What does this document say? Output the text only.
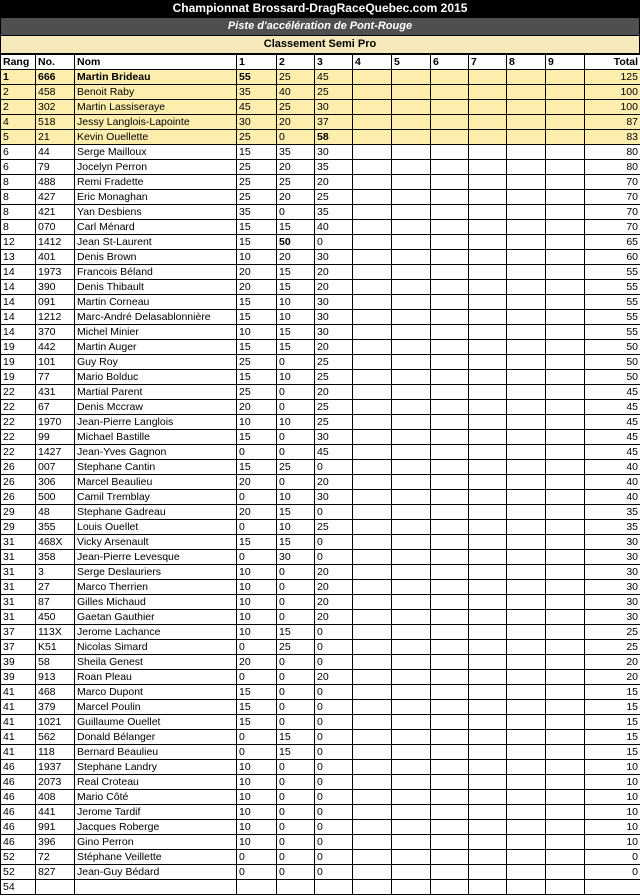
Championnat Brossard-DragRaceQuebec.com 2015
Piste d'accélération de Pont-Rouge
Classement Semi Pro
Rang	No.	Nom	1	2	3	4	5	6	7	8	9	Total
1	666	Martin Brideau	55	25	45							125
2	458	Benoit Raby	35	40	25							100
2	302	Martin Lassiseraye	45	25	30							100
4	518	Jessy Langlois-Lapointe	30	20	37							87
5	21	Kevin Ouellette	25	0	58							83
6	44	Serge Mailloux	15	35	30							80
6	79	Jocelyn Perron	25	20	35							80
8	488	Remi Fradette	25	25	20							70
8	427	Eric Monaghan	25	20	25							70
8	421	Yan Desbiens	35	0	35							70
8	070	Carl Ménard	15	15	40							70
12	1412	Jean St-Laurent	15	50	0							65
13	401	Denis Brown	10	20	30							60
14	1973	Francois Béland	20	15	20							55
14	390	Denis Thibault	20	15	20							55
14	091	Martin Corneau	15	10	30							55
14	1212	Marc-André Delasablonnière	15	10	30							55
14	370	Michel Minier	10	15	30							55
19	442	Martin Auger	15	15	20							50
19	101	Guy Roy	25	0	25							50
19	77	Mario Bolduc	15	10	25							50
22	431	Martial Parent	25	0	20							45
22	67	Denis Mccraw	20	0	25							45
22	1970	Jean-Pierre Langlois	10	10	25							45
22	99	Michael Bastille	15	0	30							45
22	1427	Jean-Yves Gagnon	0	0	45							45
26	007	Stephane Cantin	15	25	0							40
26	306	Marcel Beaulieu	20	0	20							40
26	500	Camil Tremblay	0	10	30							40
29	48	Stephane Gadreau	20	15	0							35
29	355	Louis Ouellet	0	10	25							35
31	468X	Vicky Arsenault	15	15	0							30
31	358	Jean-Pierre Levesque	0	30	0							30
31	3	Serge Deslauriers	10	0	20							30
31	27	Marco Therrien	10	0	20							30
31	87	Gilles Michaud	10	0	20							30
31	450	Gaetan Gauthier	10	0	20							30
37	113X	Jerome Lachance	10	15	0							25
37	K51	Nicolas Simard	0	25	0							25
39	58	Sheila Genest	20	0	0							20
39	913	Roan Pleau	0	0	20							20
41	468	Marco Dupont	15	0	0							15
41	379	Marcel Poulin	15	0	0							15
41	1021	Guillaume Ouellet	15	0	0							15
41	562	Donald Bélanger	0	15	0							15
41	118	Bernard Beaulieu	0	15	0							15
46	1937	Stephane Landry	10	0	0							10
46	2073	Real Croteau	10	0	0							10
46	408	Mario Côté	10	0	0							10
46	441	Jerome Tardif	10	0	0							10
46	991	Jacques Roberge	10	0	0							10
46	396	Gino Perron	10	0	0							10
52	72	Stéphane Veillette	0	0	0							0
52	827	Jean-Guy Bédard	0	0	0							0
54												
